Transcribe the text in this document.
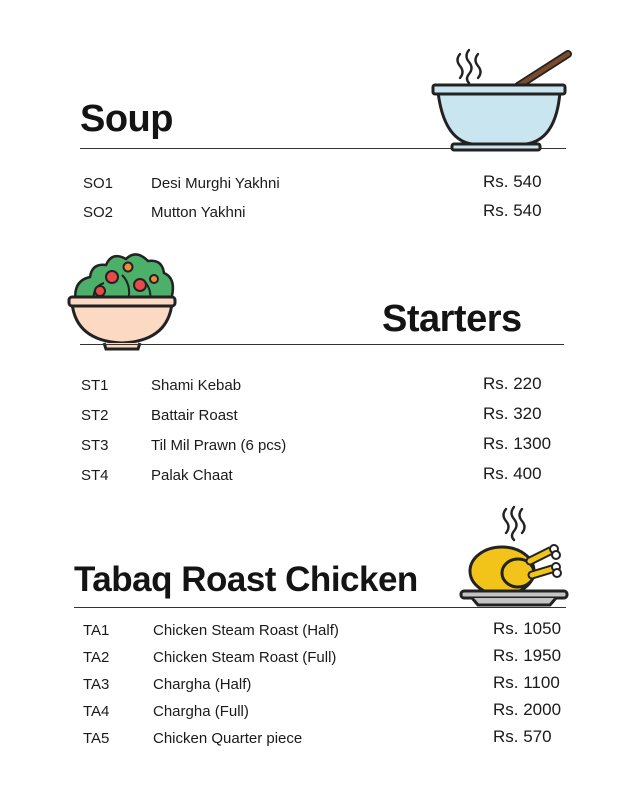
Soup
SO1	Desi Murghi Yakhni	Rs. 540
SO2	Mutton Yakhni	Rs. 540
Starters
ST1	Shami Kebab	Rs. 220
ST2	Battair Roast	Rs. 320
ST3	Til Mil Prawn (6 pcs)	Rs. 1300
ST4	Palak Chaat	Rs. 400
Tabaq Roast Chicken
TA1	Chicken Steam Roast (Half)	Rs. 1050
TA2	Chicken Steam Roast (Full)	Rs. 1950
TA3	Chargha (Half)	Rs. 1100
TA4	Chargha (Full)	Rs. 2000
TA5	Chicken Quarter piece	Rs. 570
